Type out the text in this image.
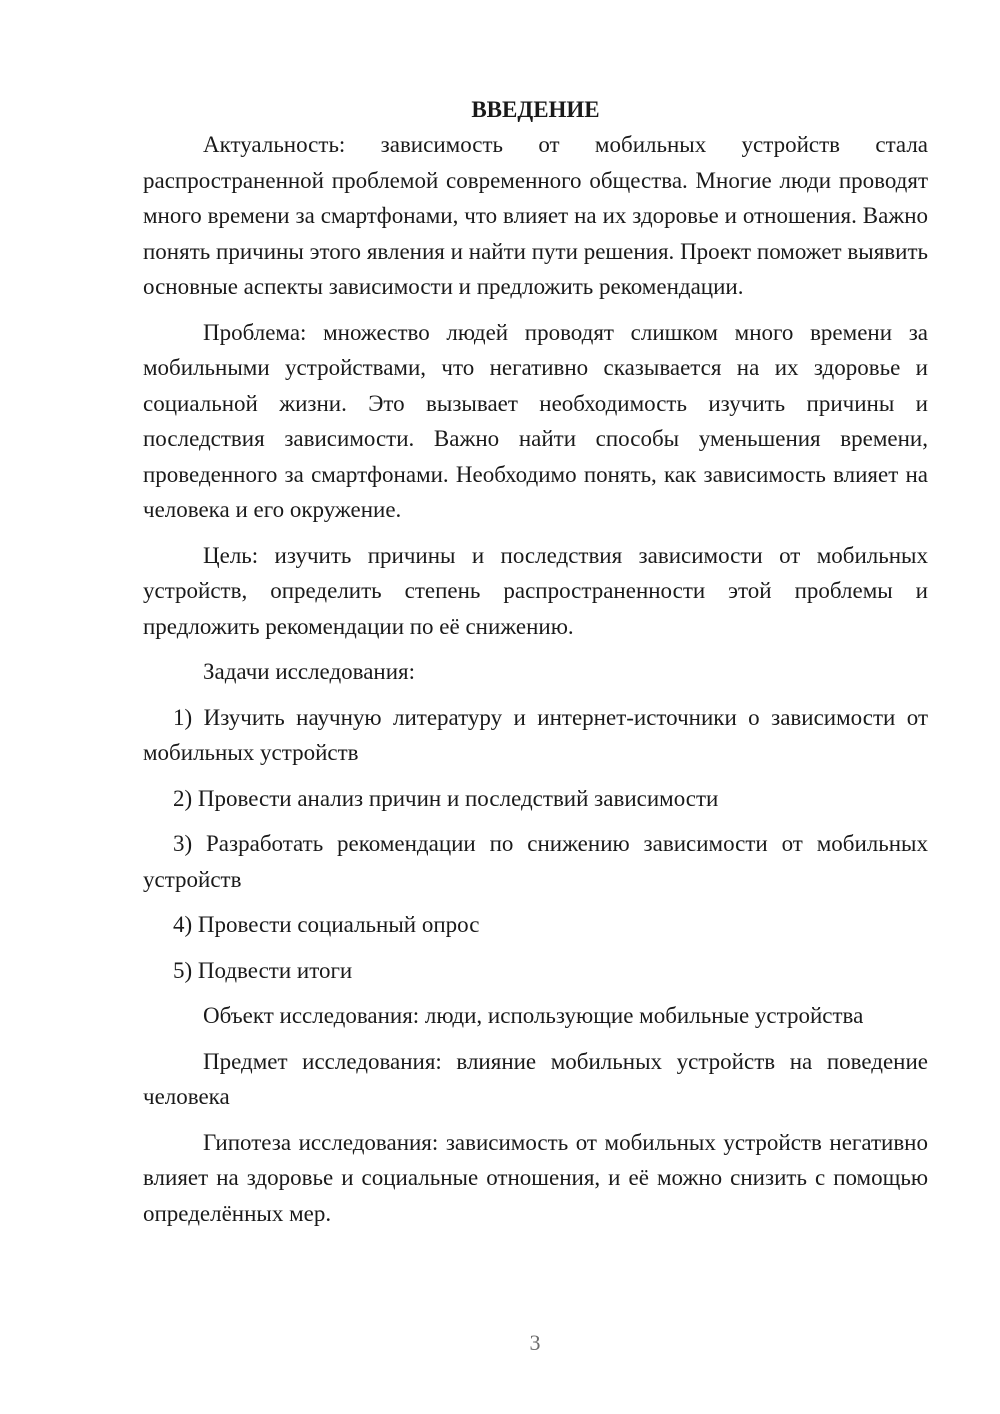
ВВЕДЕНИЕ

Актуальность: зависимость от мобильных устройств стала распространенной проблемой современного общества. Многие люди проводят много времени за смартфонами, что влияет на их здоровье и отношения. Важно понять причины этого явления и найти пути решения. Проект поможет выявить основные аспекты зависимости и предложить рекомендации.

Проблема: множество людей проводят слишком много времени за мобильными устройствами, что негативно сказывается на их здоровье и социальной жизни. Это вызывает необходимость изучить причины и последствия зависимости. Важно найти способы уменьшения времени, проведенного за смартфонами. Необходимо понять, как зависимость влияет на человека и его окружение.

Цель: изучить причины и последствия зависимости от мобильных устройств, определить степень распространенности этой проблемы и предложить рекомендации по её снижению.

Задачи исследования:

1) Изучить научную литературу и интернет-источники о зависимости от мобильных устройств

2) Провести анализ причин и последствий зависимости

3) Разработать рекомендации по снижению зависимости от мобильных устройств

4) Провести социальный опрос

5) Подвести итоги

Объект исследования: люди, использующие мобильные устройства

Предмет исследования: влияние мобильных устройств на поведение человека

Гипотеза исследования: зависимость от мобильных устройств негативно влияет на здоровье и социальные отношения, и её можно снизить с помощью определённых мер.

3
